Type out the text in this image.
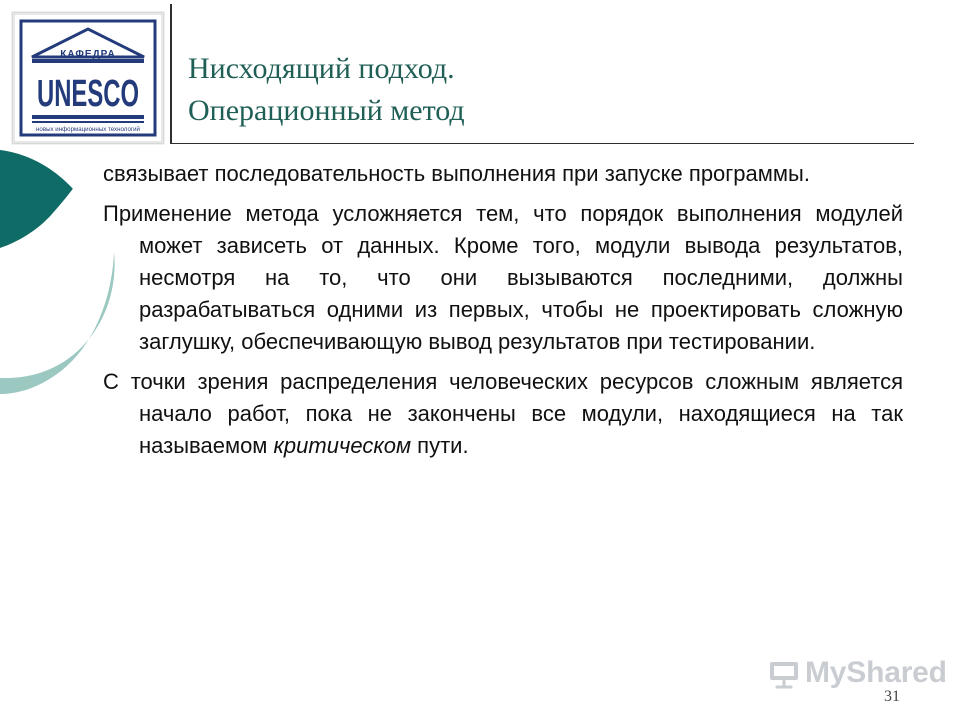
КАФЕДРА
UNESCO
новых информационных технологий
Нисходящий подход.
Операционный метод

связывает последовательность выполнения при запуске программы.

Применение метода усложняется тем, что порядок выполнения модулей может зависеть от данных. Кроме того, модули вывода результатов, несмотря на то, что они вызываются последними, должны разрабатываться одними из первых, чтобы не проектировать сложную заглушку, обеспечивающую вывод результатов при тестировании.

С точки зрения распределения человеческих ресурсов сложным является начало работ, пока не закончены все модули, находящиеся на так называемом критическом пути.

MyShared
31
